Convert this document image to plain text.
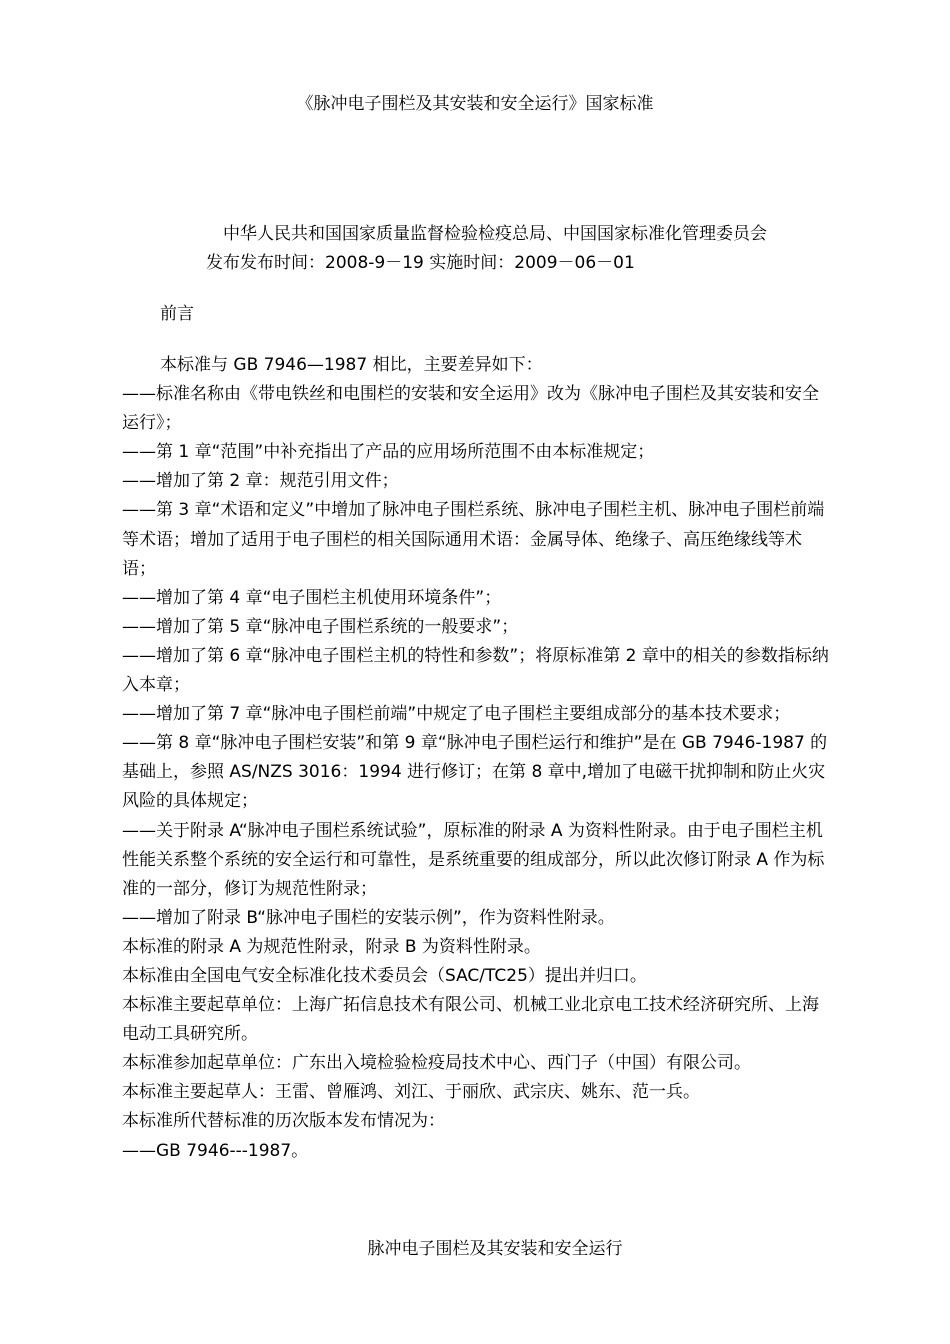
《脉冲电子围栏及其安装和安全运行》国家标准
中华人民共和国国家质量监督检验检疫总局、中国国家标准化管理委员会
发布发布时间：2008-9－19 实施时间：2009－06－01
前言

本标准与 GB 7946—1987 相比，主要差异如下：

——标准名称由《带电铁丝和电围栏的安装和安全运用》改为《脉冲电子围栏及其安装和安全运行》；

——第 1 章“范围”中补充指出了产品的应用场所范围不由本标准规定；

——增加了第 2 章：规范引用文件；

——第 3 章“术语和定义”中增加了脉冲电子围栏系统、脉冲电子围栏主机、脉冲电子围栏前端等术语；增加了适用于电子围栏的相关国际通用术语：金属导体、绝缘子、高压绝缘线等术语；

——增加了第 4 章“电子围栏主机使用环境条件”；

——增加了第 5 章“脉冲电子围栏系统的一般要求”；

——增加了第 6 章“脉冲电子围栏主机的特性和参数”；将原标准第 2 章中的相关的参数指标纳入本章；

——增加了第 7 章“脉冲电子围栏前端”中规定了电子围栏主要组成部分的基本技术要求；

——第 8 章“脉冲电子围栏安装”和第 9 章“脉冲电子围栏运行和维护”是在 GB 7946-1987 的基础上，参照 AS/NZS 3016：1994 进行修订；在第 8 章中,增加了电磁干扰抑制和防止火灾风险的具体规定；

——关于附录 A“脉冲电子围栏系统试验”，原标准的附录 A 为资料性附录。由于电子围栏主机性能关系整个系统的安全运行和可靠性，是系统重要的组成部分，所以此次修订附录 A 作为标准的一部分，修订为规范性附录；

——增加了附录 B“脉冲电子围栏的安装示例”，作为资料性附录。

本标准的附录 A 为规范性附录，附录 B 为资料性附录。

本标准由全国电气安全标准化技术委员会（SAC/TC25）提出并归口。

本标准主要起草单位：上海广拓信息技术有限公司、机械工业北京电工技术经济研究所、上海电动工具研究所。

本标准参加起草单位：广东出入境检验检疫局技术中心、西门子（中国）有限公司。

本标准主要起草人：王雷、曾雁鸿、刘江、于丽欣、武宗庆、姚东、范一兵。

本标准所代替标准的历次版本发布情况为：

——GB 7946---1987。

脉冲电子围栏及其安装和安全运行
